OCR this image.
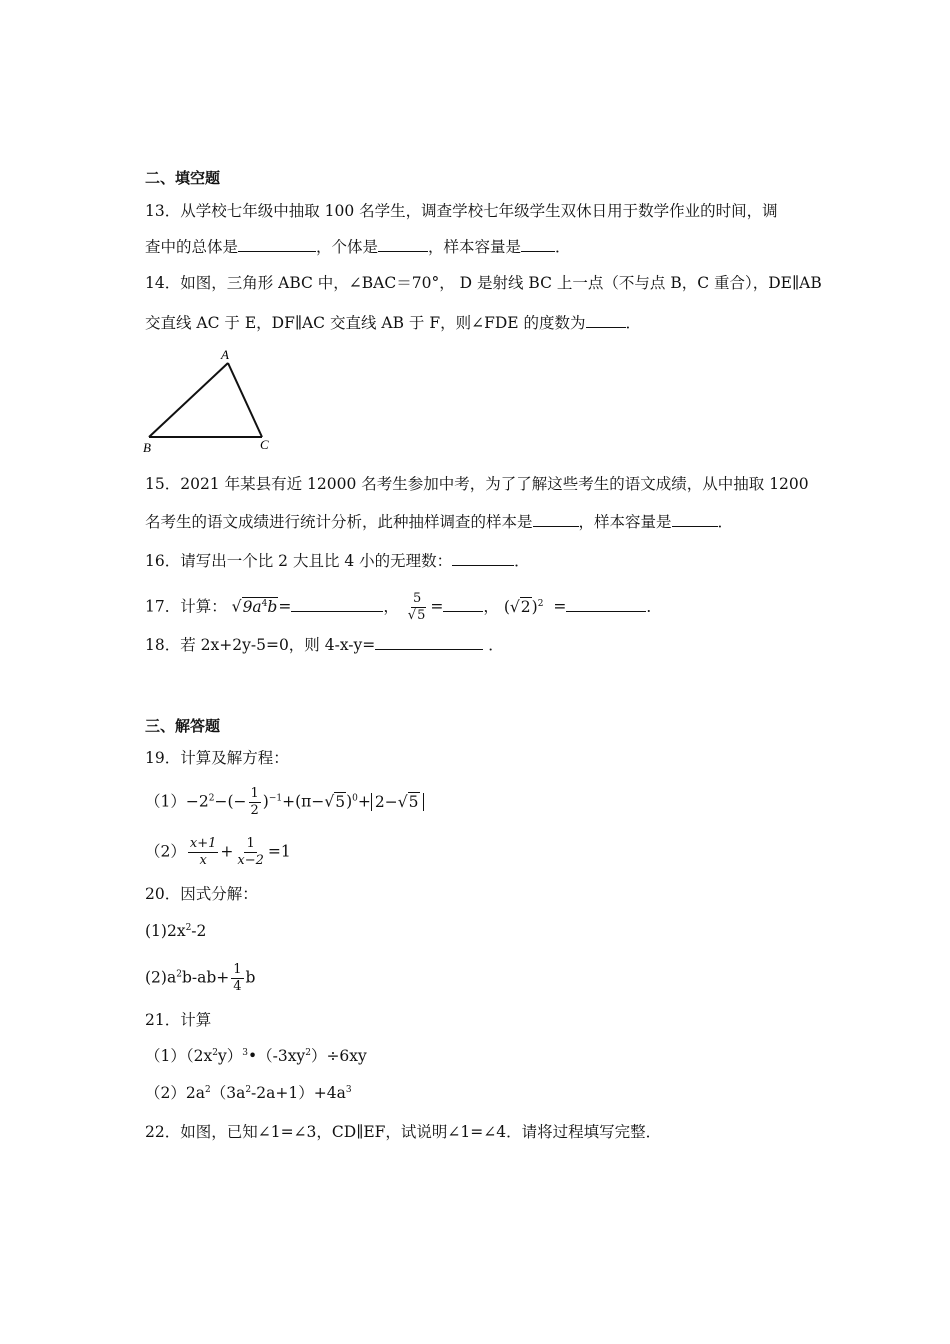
二、填空题
13．从学校七年级中抽取 100 名学生，调查学校七年级学生双休日用于数学作业的时间，调
查中的总体是	，个体是	，样本容量是 ．
14．如图，三角形 ABC 中，∠BAC＝70°， D 是射线 BC 上一点（不与点 B，C 重合），DE∥AB
交直线 AC 于 E，DF∥AC 交直线 AB 于 F，则∠FDE 的度数为	．
A
B	C
15．2021 年某县有近 12000 名考生参加中考，为了了解这些考生的语文成绩，从中抽取 1200
名考生的语文成绩进行统计分析，此种抽样调查的样本是	，样本容量是	．
16．请写出一个比 2 大且比 4 小的无理数：	．
17．计算： $√9a^4b=$	， $\frac{5}{√5}$ =	， $(√2)^2$ =	．
18．若 2x+2y-5=0，则 4-x-y=	．
三、解答题
19．计算及解方程：
$(1)-2^2-(- \frac{1}{2} )^{-1}+(\pi-√5)^0+ 2-√5$
$(2) \frac{x+1}{x} + \frac{1}{x-2} =1$
20．因式分解：
$(1)2x^2-2$
$(2)a^2b-ab+ \frac{1}{4}$ b
21．计算
$(1)(2x^2y)^3•(-3xy^2)\div 6xy$
$(2)2a^2(3a^2-2a+1)+4a^3$
22．如图，已知∠1=∠3，CD∥EF，试说明∠1=∠4．请将过程填写完整．
